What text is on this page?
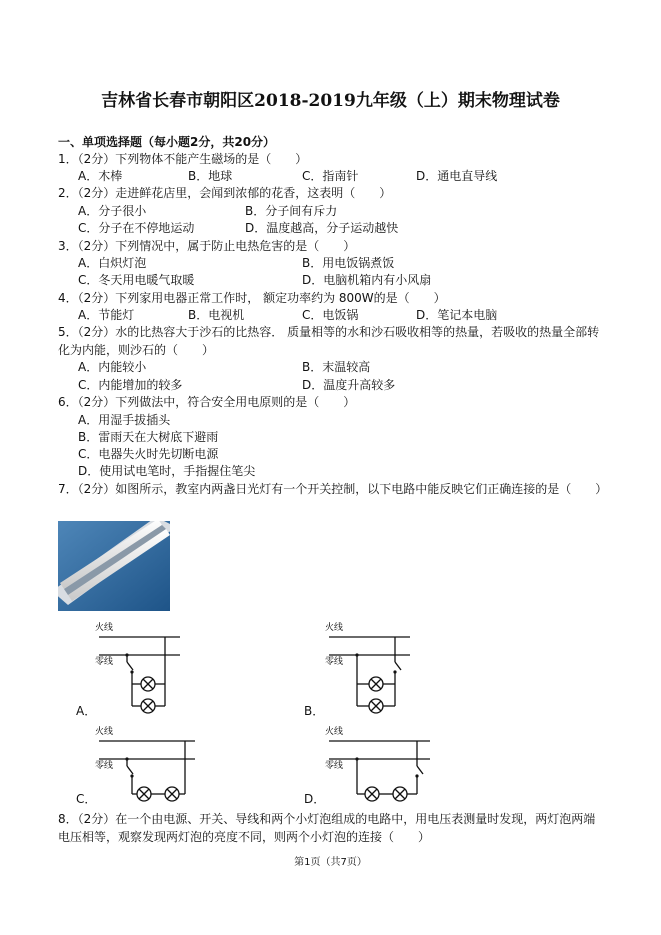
吉林省长春市朝阳区2018-2019九年级（上）期末物理试卷
一、单项选择题（每小题2分，共20分）
1．（2分）下列物体不能产生磁场的是（　　）
A．木棒	B．地球	C．指南针	D．通电直导线
2．（2分）走进鲜花店里，会闻到浓郁的花香，这表明（　　）
A．分子很小	B．分子间有斥力
C．分子在不停地运动	D．温度越高，分子运动越快
3．（2分）下列情况中，属于防止电热危害的是（　　）
A．白炽灯泡	B．用电饭锅煮饭
C．冬天用电暖气取暖	D．电脑机箱内有小风扇
4．（2分）下列家用电器正常工作时， 额定功率约为 800W的是（　　）
A．节能灯	B．电视机	C．电饭锅	D．笔记本电脑
5．（2分）水的比热容大于沙石的比热容． 质量相等的水和沙石吸收相等的热量，若吸收的热量全部转化为内能，则沙石的（　　）
A．内能较小	B．末温较高
C．内能增加的较多	D．温度升高较多
6．（2分）下列做法中，符合安全用电原则的是（　　）
A．用湿手拔插头
B．雷雨天在大树底下避雨
C．电器失火时先切断电源
D．使用试电笔时，手指握住笔尖
7．（2分）如图所示，教室内两盏日光灯有一个开关控制，以下电路中能反映它们正确连接的是（　　）
火线
零线
A．
火线
零线
B．
火线
零线
C．
火线
零线
D．
8．（2分）在一个由电源、开关、导线和两个小灯泡组成的电路中，用电压表测量时发现，两灯泡两端电压相等，观察发现两灯泡的亮度不同，则两个小灯泡的连接（　　）
第1页（共7页）
